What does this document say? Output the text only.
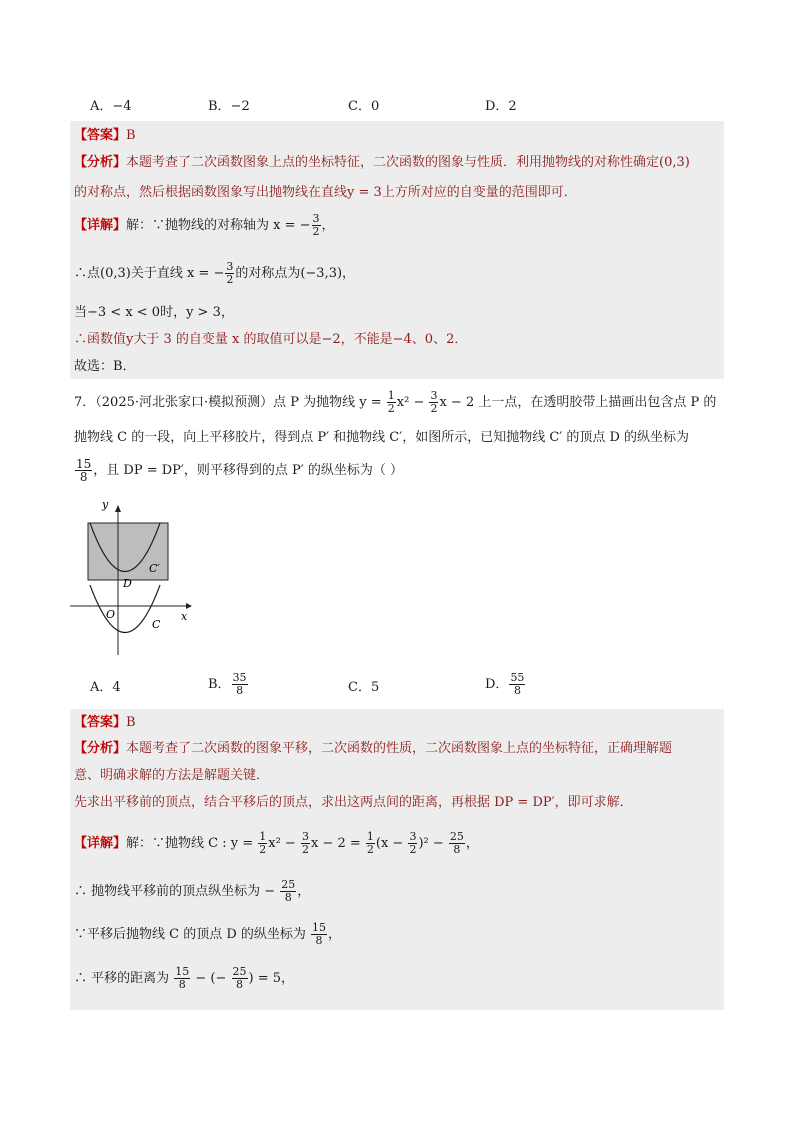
A．−4	B．−2	C．0	D．2
【答案】B
【分析】本题考查了二次函数图象上点的坐标特征，二次函数的图象与性质．利用抛物线的对称性确定(0,3)
的对称点，然后根据函数图象写出抛物线在直线y = 3上方所对应的自变量的范围即可．
【详解】解：∵抛物线的对称轴为 x = − $\frac{3}{2}$ ，
∴点(0,3)关于直线 x = − $\frac{3}{2}$ 的对称点为(−3,3)，
当−3 < x < 0时，y > 3，
∴函数值y大于 3 的自变量 x 的取值可以是−2，不能是−4、0、2．
故选：B．
7．（2025·河北张家口·模拟预测）点 P 为抛物线 $y = \frac{1}{2} x^2 - \frac{3}{2}$ x − 2 上一点，在透明胶带上描画出包含点 P 的
抛物线 C 的一段，向上平移胶片，得到点 P′ 和抛物线 C′，如图所示，已知抛物线 C′ 的顶点 D 的纵坐标为
$\frac{15}{8}$ ，且 DP = DP′，则平移得到的点 P′ 的纵坐标为（ ）
y
x
O
D
C′
C
A．4	B． $\frac{35}{8}$	C．5	D． $\frac{55}{8}$
【答案】B
【分析】本题考查了二次函数的图象平移，二次函数的性质，二次函数图象上点的坐标特征，正确理解题
意、明确求解的方法是解题关键．
先求出平移前的顶点，结合平移后的顶点，求出这两点间的距离，再根据 DP = DP′，即可求解．
【详解】解：∵抛物线 C : $y = \frac{1}{2} x^2 - \frac{3}{2}$ $x - 2 = \frac{1}{2} (x - \frac{3}{2} )^2 - \frac{25}{8}$ ，
∴ 抛物线平移前的顶点纵坐标为 − $\frac{25}{8}$ ，
∵平移后抛物线 C 的顶点 D 的纵坐标为 $\frac{15}{8}$ ，
∴ 平移的距离为 $\frac{15}{8}$ − (− $\frac{25}{8}$ ) = 5，
